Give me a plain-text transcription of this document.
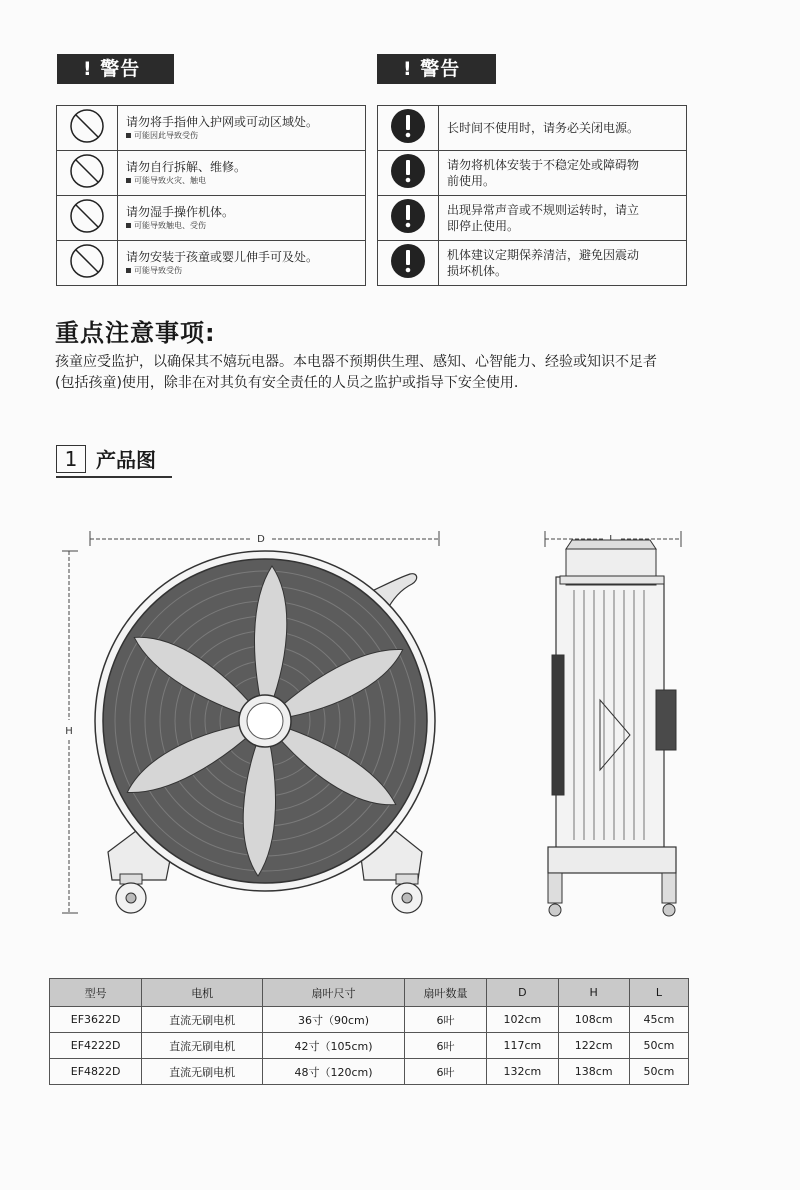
! 警告	! 警告

请勿将手指伸入护网或可动区域处。
可能因此导致受伤

请勿自行拆解、维修。
可能导致火灾、触电

请勿湿手操作机体。
可能导致触电、受伤

请勿安装于孩童或婴儿伸手可及处。
可能导致受伤

长时间不使用时，请务必关闭电源。

请勿将机体安装于不稳定处或障碍物
前使用。

出现异常声音或不规则运转时，请立
即停止使用。

机体建议定期保养清洁，避免因震动
损坏机体。
重点注意事项:
孩童应受监护，以确保其不嬉玩电器。本电器不预期供生理、感知、心智能力、经验或知识不足者
(包括孩童)使用，除非在对其负有安全责任的人员之监护或指导下安全使用.
1 产品图
D
H
型号	电机	扇叶尺寸	扇叶数量	D	H	L
EF3622D	直流无刷电机	36寸（90cm)	6叶	102cm	108cm	45cm
EF4222D	直流无刷电机	42寸（105cm)	6叶	117cm	122cm	50cm
EF4822D	直流无刷电机	48寸（120cm)	6叶	132cm	138cm	50cm
